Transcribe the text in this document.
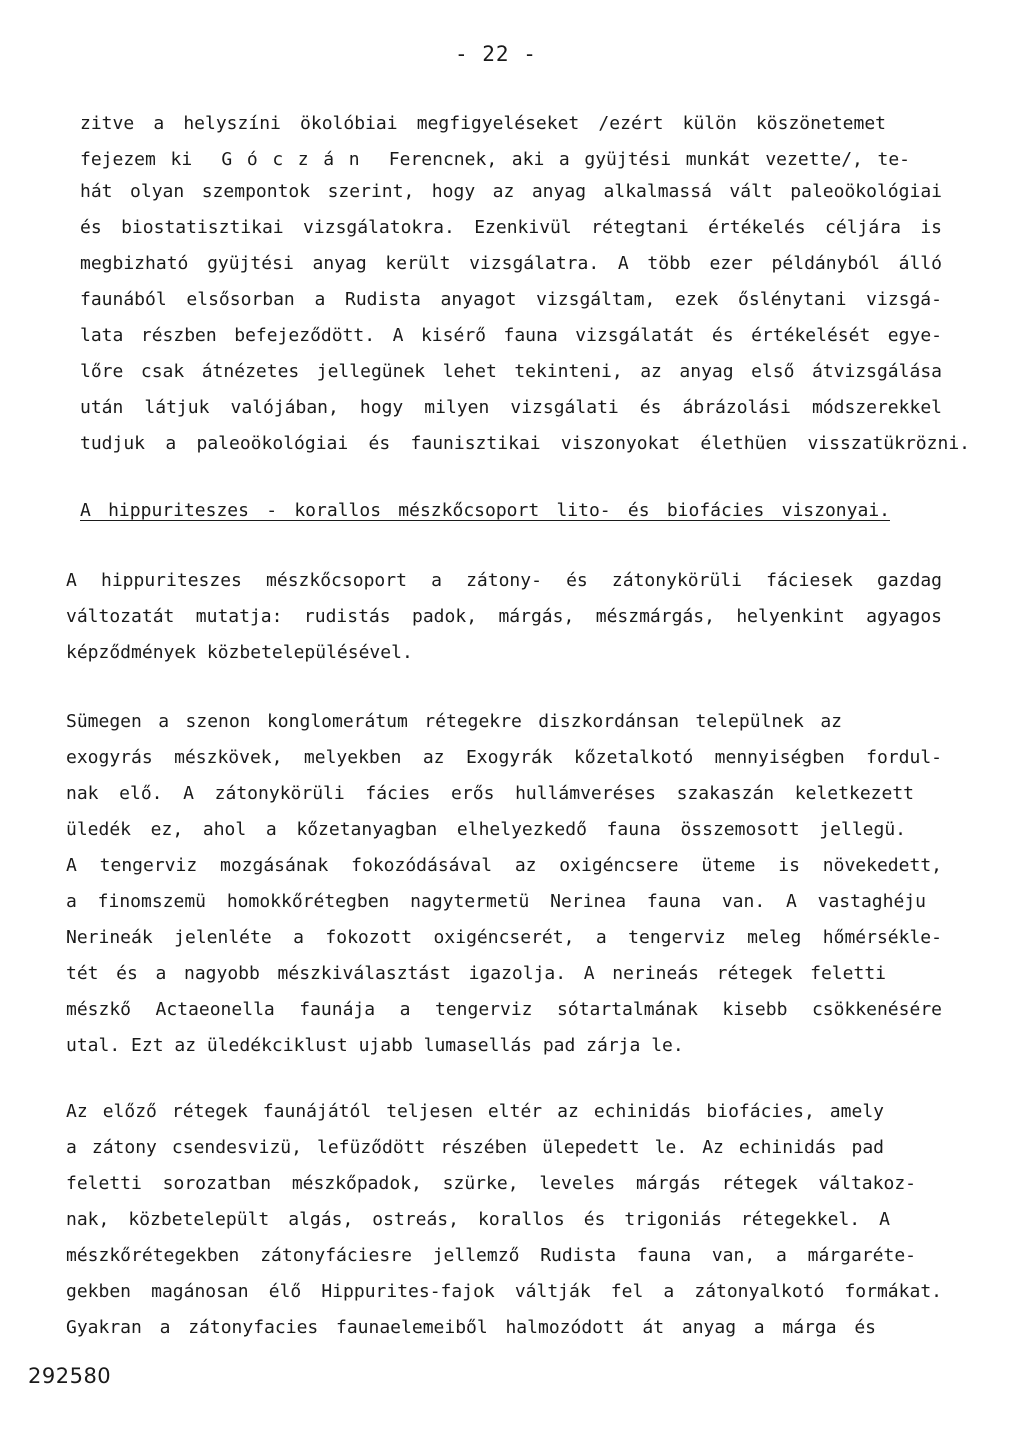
- 22 -
zitve a helyszíni ökolóbiai megfigyeléseket /ezért külön köszönetemet
fejezem ki  G ó c z á n  Ferencnek, aki a gyüjtési munkát vezette/, te-
hát olyan szempontok szerint, hogy az anyag alkalmassá vált paleoökológiai
és biostatisztikai vizsgálatokra. Ezenkivül rétegtani értékelés céljára is
megbizható gyüjtési anyag került vizsgálatra. A több ezer példányból álló
faunából elsősorban a Rudista anyagot vizsgáltam, ezek őslénytani vizsgá-
lata részben befejeződött. A kisérő fauna vizsgálatát és értékelését egye-
lőre csak átnézetes jellegünek lehet tekinteni, az anyag első átvizsgálása
után látjuk valójában, hogy milyen vizsgálati és ábrázolási módszerekkel
tudjuk a paleoökológiai és faunisztikai viszonyokat élethüen visszatükrözni.
A hippuriteszes - korallos mészkőcsoport lito- és biofácies viszonyai.
A hippuriteszes mészkőcsoport a zátony- és zátonykörüli fáciesek gazdag
változatát mutatja: rudistás padok, márgás, mészmárgás, helyenkint agyagos
képződmények közbetelepülésével.
Sümegen a szenon konglomerátum rétegekre diszkordánsan települnek az
exogyrás mészkövek, melyekben az Exogyrák kőzetalkotó mennyiségben fordul-
nak elő. A zátonykörüli fácies erős hullámveréses szakaszán keletkezett
üledék ez, ahol a kőzetanyagban elhelyezkedő fauna összemosott jellegü.
A tengerviz mozgásának fokozódásával az oxigéncsere üteme is növekedett,
a finomszemü homokkőrétegben nagytermetü Nerinea fauna van. A vastaghéju
Nerineák jelenléte a fokozott oxigéncserét, a tengerviz meleg hőmérsékle-
tét és a nagyobb mészkiválasztást igazolja. A nerineás rétegek feletti
mészkő Actaeonella faunája a tengerviz sótartalmának kisebb csökkenésére
utal. Ezt az üledékciklust ujabb lumasellás pad zárja le.
Az előző rétegek faunájától teljesen eltér az echinidás biofácies, amely
a zátony csendesvizü, lefüződött részében ülepedett le. Az echinidás pad
feletti sorozatban mészkőpadok, szürke, leveles márgás rétegek váltakoz-
nak, közbetelepült algás, ostreás, korallos és trigoniás rétegekkel. A
mészkőrétegekben zátonyfáciesre jellemző Rudista fauna van, a márgaréte-
gekben magánosan élő Hippurites-fajok váltják fel a zátonyalkotó formákat.
Gyakran a zátonyfacies faunaelemeiből halmozódott át anyag a márga és
292580
